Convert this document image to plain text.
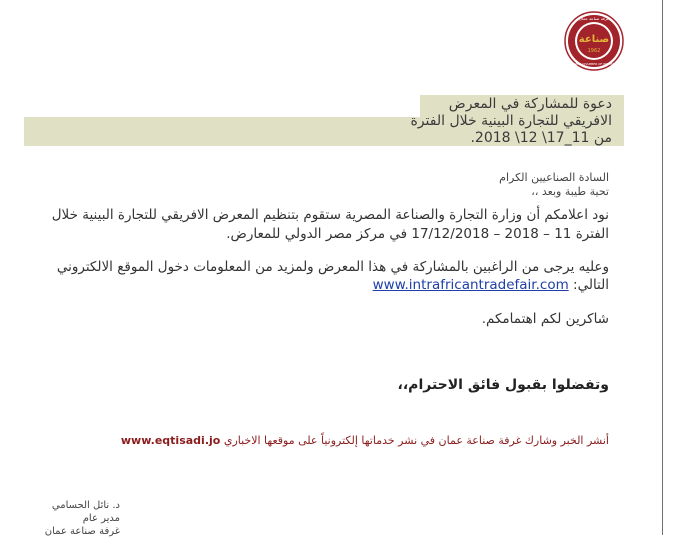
صناعة
1962
غرفة صناعة عمان
AMMAN CHAMBER OF INDUSTRY
دعوة للمشاركة في المعرض
الافريقي للتجارة البينية خلال الفترة
من 11_17\ 12\ 2018.
السادة الصناعيين الكرام
تحية طيبة وبعد ،،
نود اعلامكم أن وزارة التجارة والصناعة المصرية ستقوم بتنظيم المعرض الافريقي للتجارة البينية خلال
الفترة 11 – 2018 – 17/12/2018 في مركز مصر الدولي للمعارض.
وعليه يرجى من الراغبين بالمشاركة في هذا المعرض ولمزيد من المعلومات دخول الموقع الالكتروني
التالي: www.intrafricantradefair.com
شاكرين لكم اهتمامكم.
وتفضلوا بقبول فائق الاحترام،،
أنشر الخبر وشارك غرفة صناعة عمان في نشر خدماتها إلكترونياً على موقعها الاخباري www.eqtisadi.jo
د. نائل الحسامي
مدير عام
غرفة صناعة عمان
